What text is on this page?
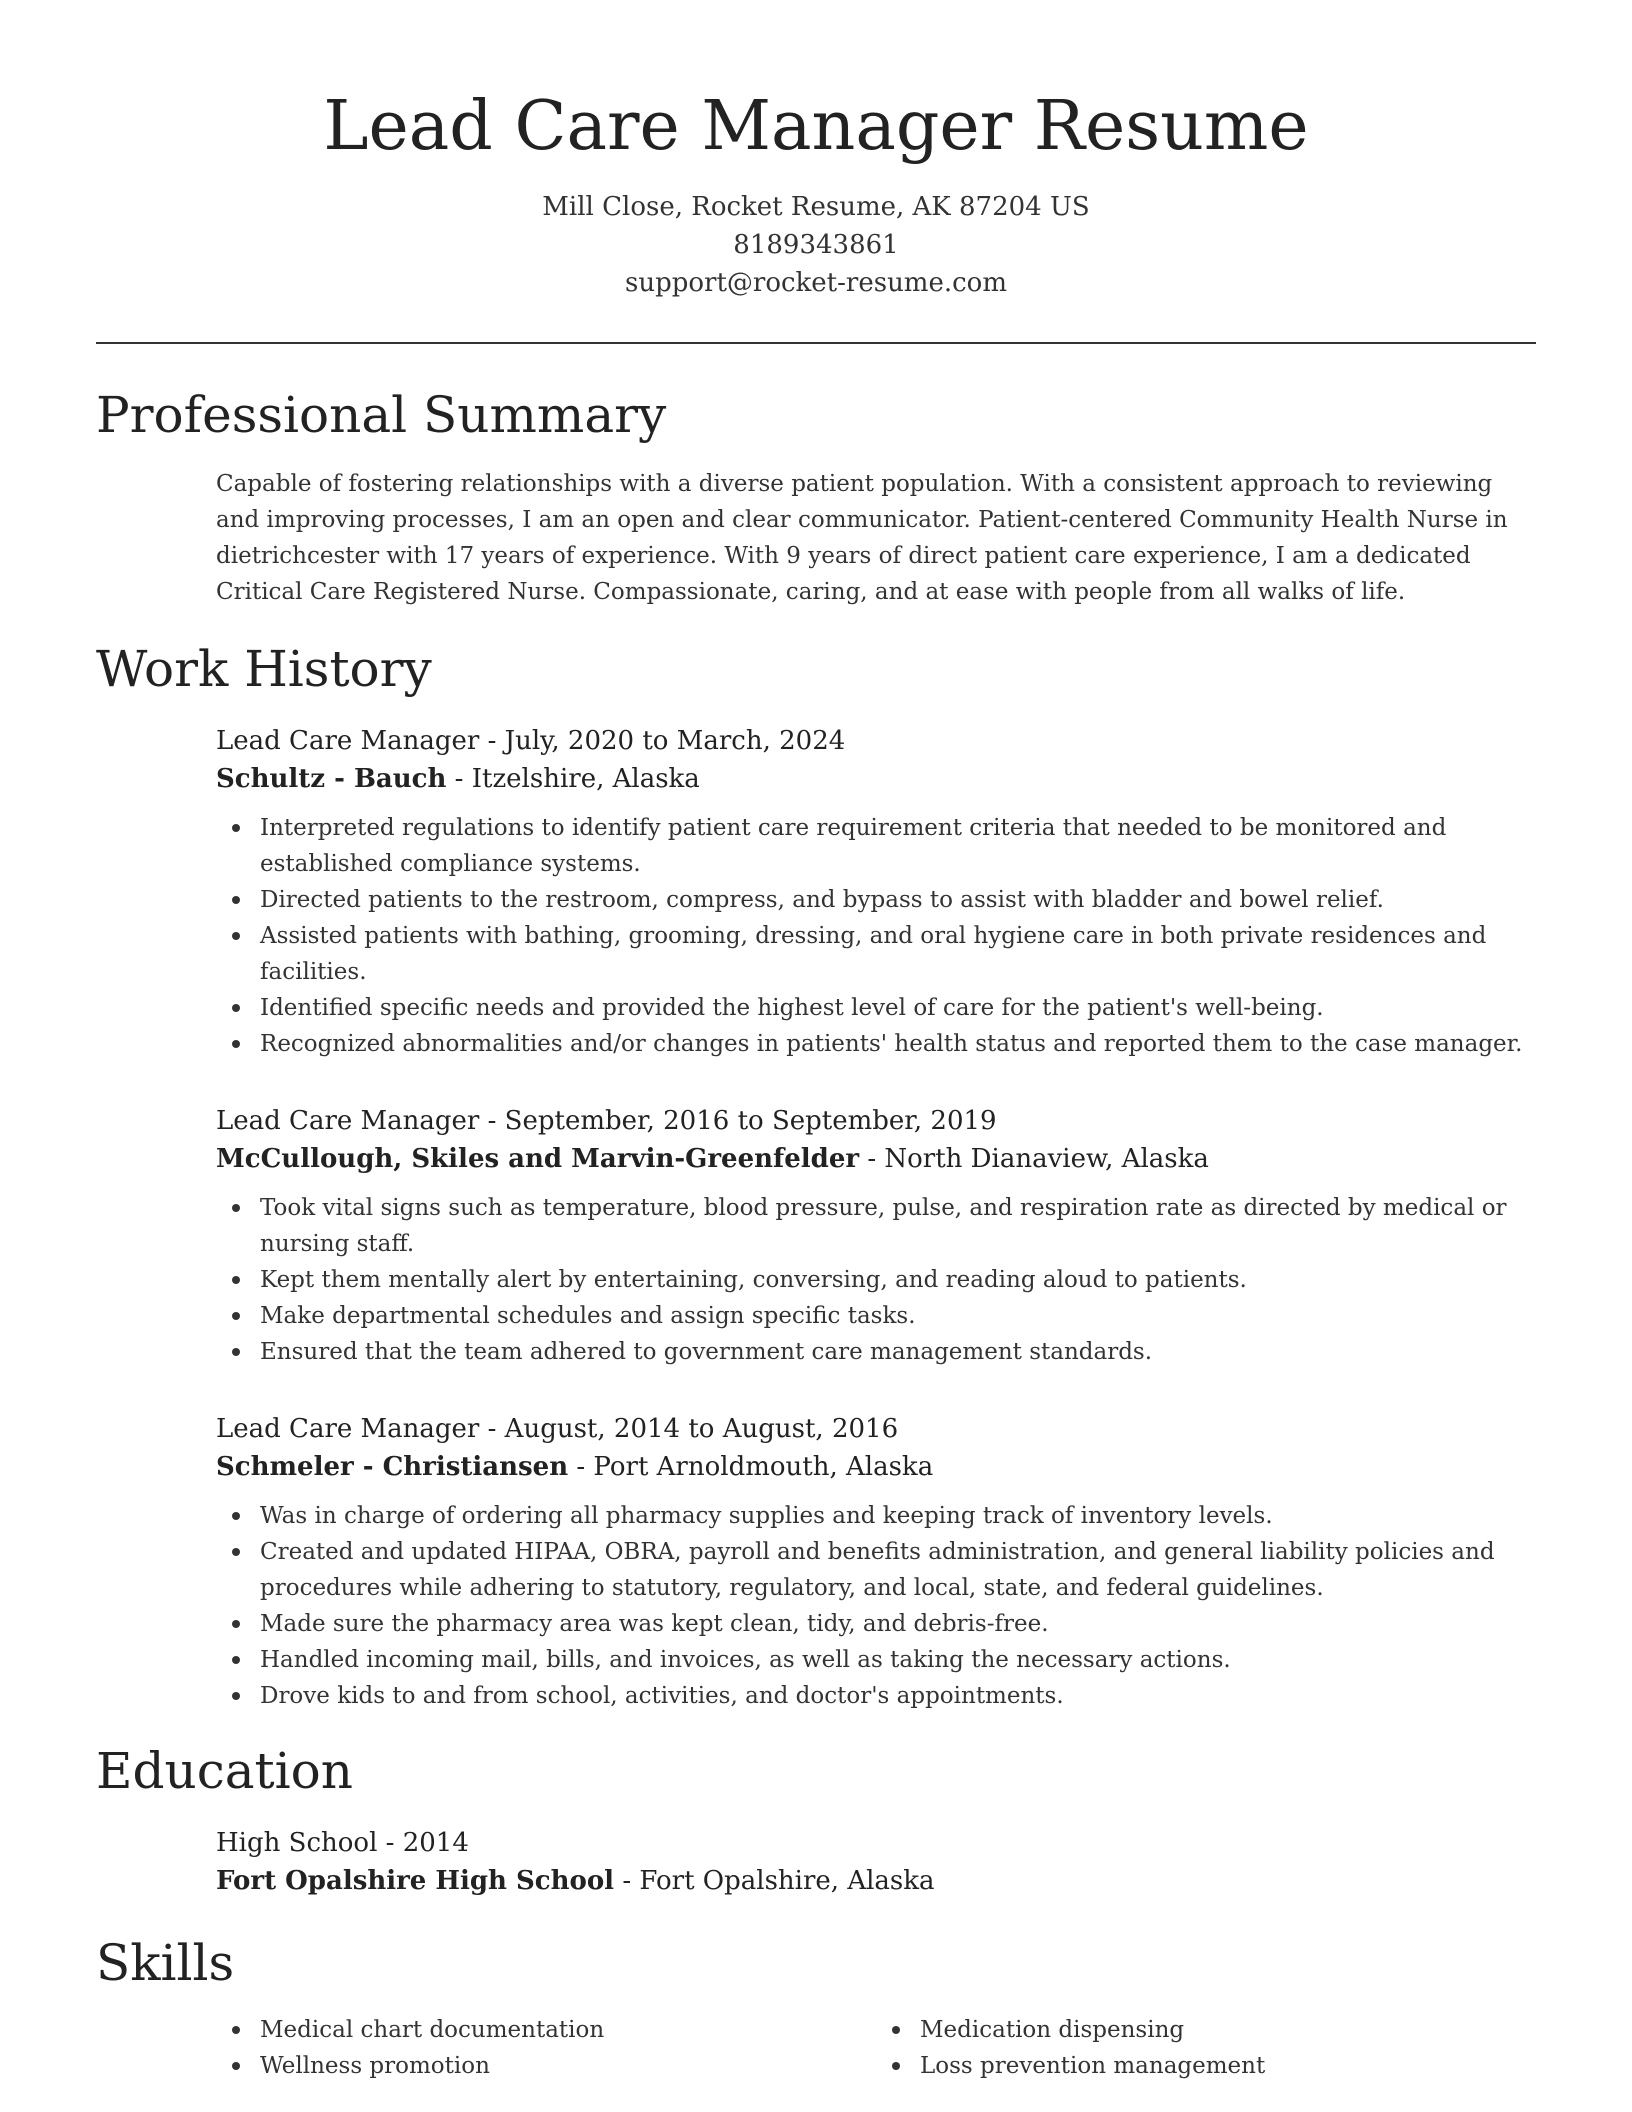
Lead Care Manager Resume
Mill Close, Rocket Resume, AK 87204 US
8189343861
support@rocket-resume.com
Professional Summary

Capable of fostering relationships with a diverse patient population. With a consistent approach to reviewing and improving processes, I am an open and clear communicator. Patient-centered Community Health Nurse in dietrichcester with 17 years of experience. With 9 years of direct patient care experience, I am a dedicated Critical Care Registered Nurse. Compassionate, caring, and at ease with people from all walks of life.

Work History
Lead Care Manager - July, 2020 to March, 2024
Schultz - Bauch - Itzelshire, Alaska
Interpreted regulations to identify patient care requirement criteria that needed to be monitored and established compliance systems.
Directed patients to the restroom, compress, and bypass to assist with bladder and bowel relief.
Assisted patients with bathing, grooming, dressing, and oral hygiene care in both private residences and facilities.
Identified specific needs and provided the highest level of care for the patient's well-being.
Recognized abnormalities and/or changes in patients' health status and reported them to the case manager.
Lead Care Manager - September, 2016 to September, 2019
McCullough, Skiles and Marvin-Greenfelder - North Dianaview, Alaska
Took vital signs such as temperature, blood pressure, pulse, and respiration rate as directed by medical or nursing staff.
Kept them mentally alert by entertaining, conversing, and reading aloud to patients.
Make departmental schedules and assign specific tasks.
Ensured that the team adhered to government care management standards.
Lead Care Manager - August, 2014 to August, 2016
Schmeler - Christiansen - Port Arnoldmouth, Alaska
Was in charge of ordering all pharmacy supplies and keeping track of inventory levels.
Created and updated HIPAA, OBRA, payroll and benefits administration, and general liability policies and procedures while adhering to statutory, regulatory, and local, state, and federal guidelines.
Made sure the pharmacy area was kept clean, tidy, and debris-free.
Handled incoming mail, bills, and invoices, as well as taking the necessary actions.
Drove kids to and from school, activities, and doctor's appointments.
Education
High School - 2014
Fort Opalshire High School - Fort Opalshire, Alaska
Skills
Medical chart documentation
Wellness promotion
Medication dispensing
Loss prevention management
